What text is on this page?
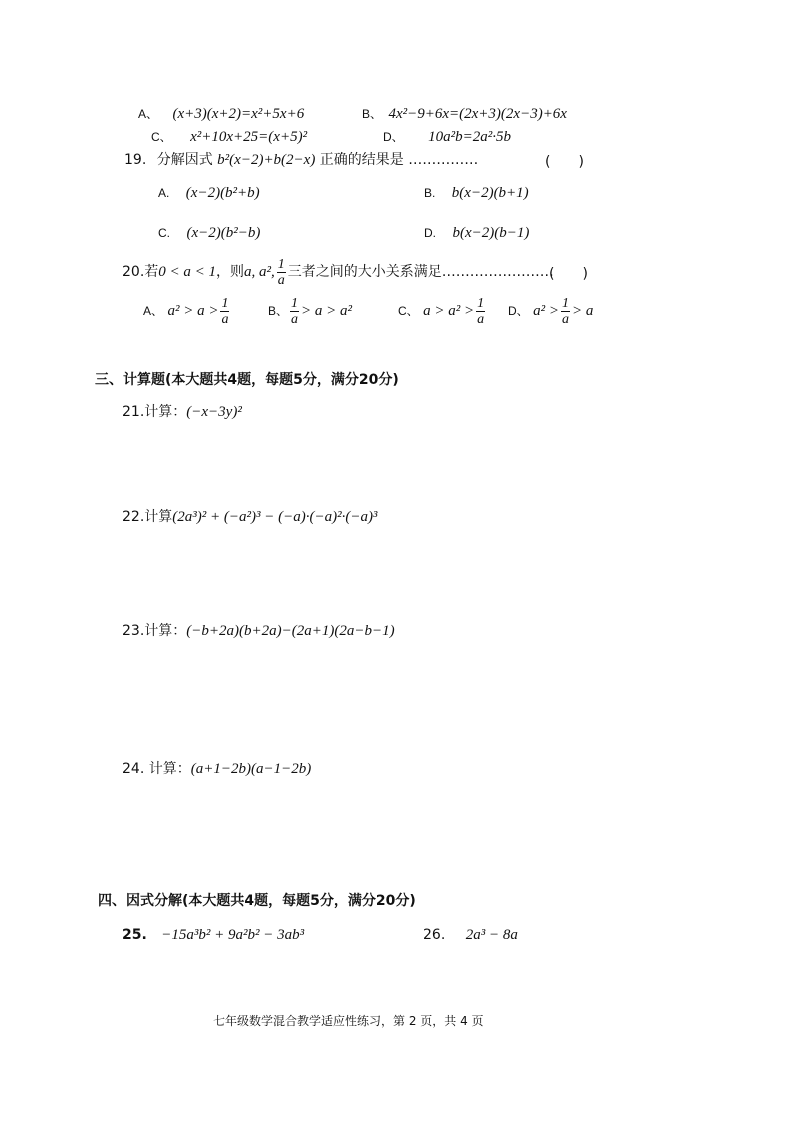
A、 (x+3)(x+2)=x²+5x+6	B、 4x²−9+6x=(2x+3)(2x−3)+6x
C、 x²+10x+25=(x+5)²	D、 10a²b=2a²·5b
19. 分解因式 b²(x−2)+b(2−x) 正确的结果是 ……………	(　　)
A. (x−2)(b²+b)	B. b(x−2)(b+1)
C. (x−2)(b²−b)	D. b(x−2)(b−1)
20.若0 < a < 1，则a, a², $\frac{1}{a}$ 三者之间的大小关系满足……………………
(　　)
A、 $a^2 > a > \frac{1}{a}$	B、 $\frac{1}{a} > a > a^2$	C、 $a > a^2 > \frac{1}{a}$ D、 $a^2 > \frac{1}{a} > a$
三、计算题(本大题共4题，每题5分，满分20分)
21.计算：(−x−3y)²
22.计算(2a³)² + (−a²)³ − (−a)·(−a)²·(−a)³
23.计算：(−b+2a)(b+2a)−(2a+1)(2a−b−1)
24. 计算：(a+1−2b)(a−1−2b)
四、因式分解(本大题共4题，每题5分，满分20分)
25. −15a³b² + 9a²b² − 3ab³	26. 2a³ − 8a
七年级数学混合教学适应性练习，第 2 页，共 4 页
